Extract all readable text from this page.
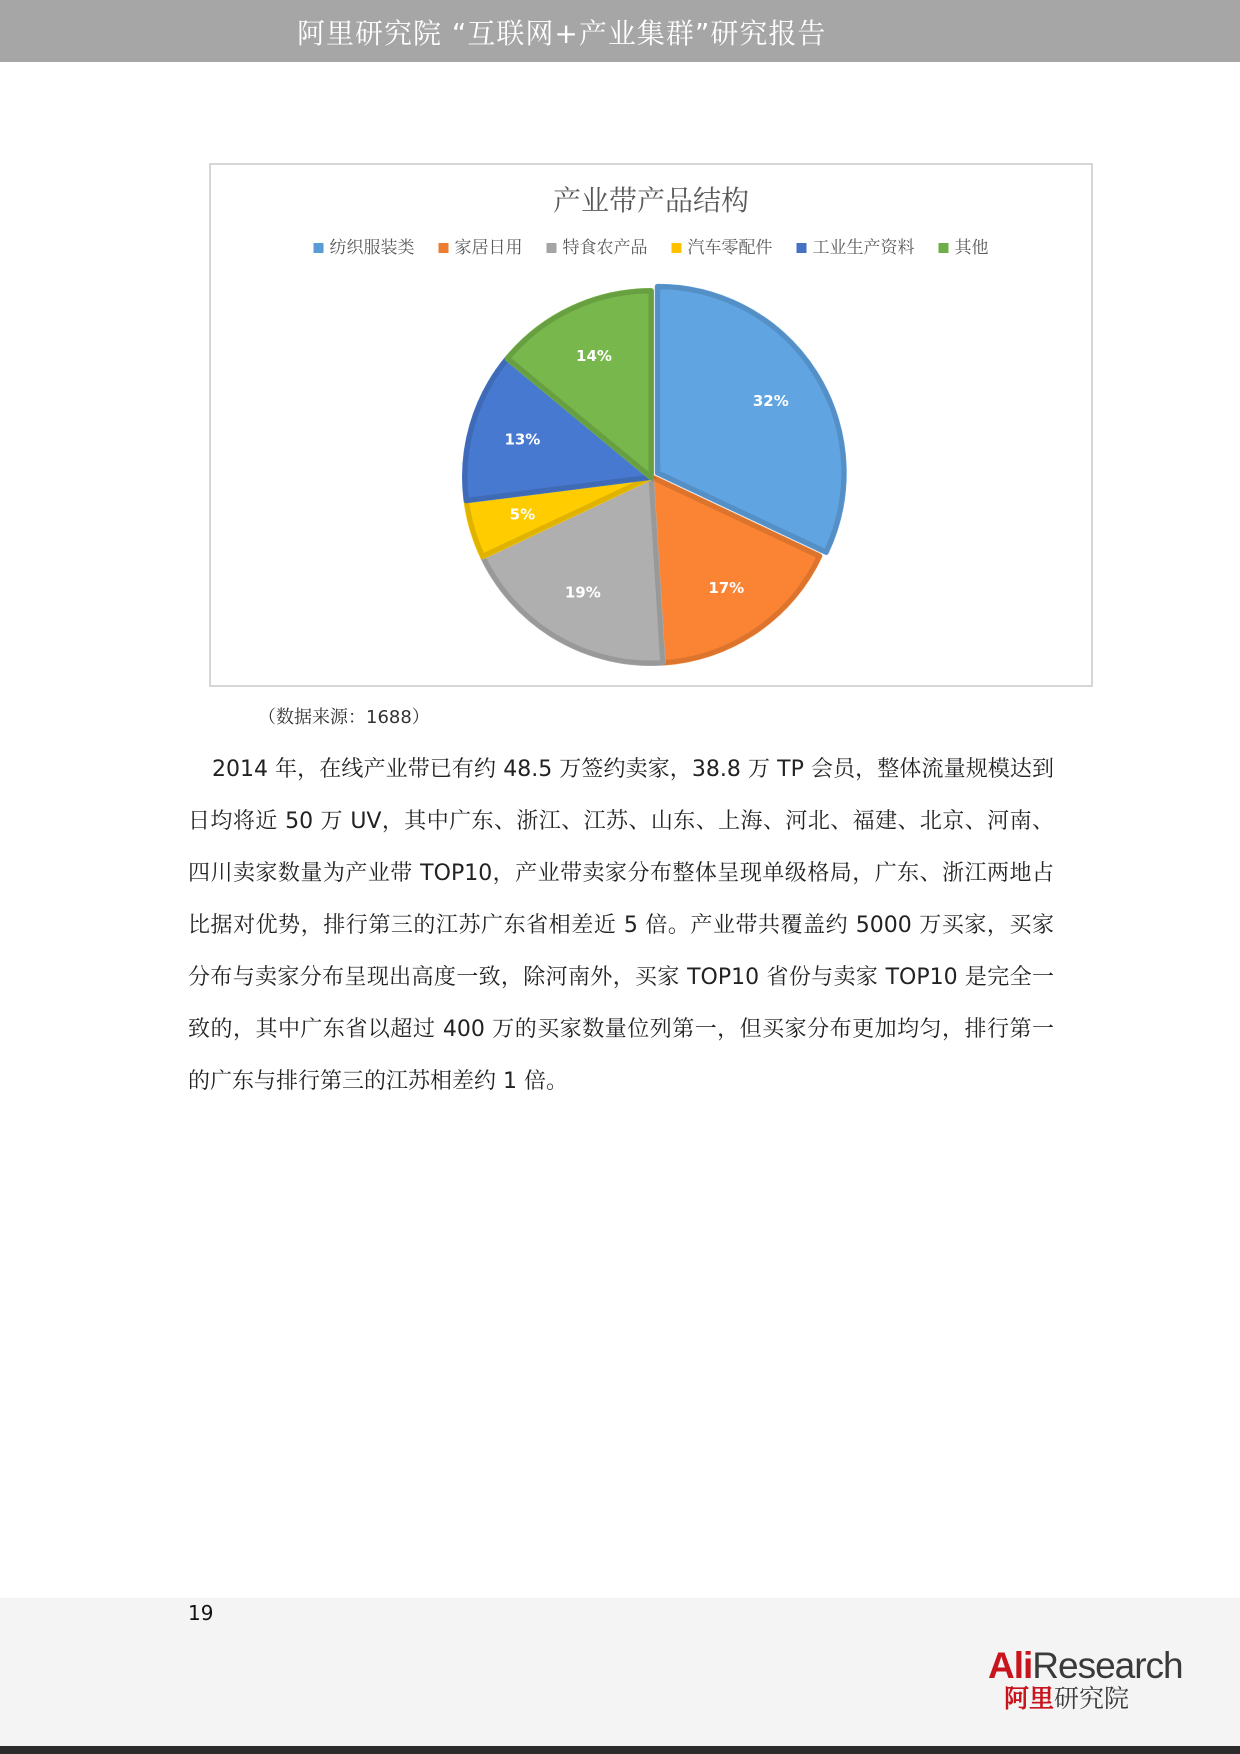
阿里研究院 “互联网+产业集群”研究报告
产业带产品结构
纺织服装类 家居日用 特食农产品 汽车零配件 工业生产资料 其他
32%
17%
19%
5%
13%
14%
（数据来源：1688）

2014 年，在线产业带已有约 48.5 万签约卖家，38.8 万 TP 会员，整体流量规模达到日均将近 50 万 UV，其中广东、浙江、江苏、山东、上海、河北、福建、北京、河南、四川卖家数量为产业带 TOP10，产业带卖家分布整体呈现单级格局，广东、浙江两地占比据对优势，排行第三的江苏广东省相差近 5 倍。产业带共覆盖约 5000 万买家，买家分布与卖家分布呈现出高度一致，除河南外，买家 TOP10 省份与卖家 TOP10 是完全一致的，其中广东省以超过 400 万的买家数量位列第一，但买家分布更加均匀，排行第一的广东与排行第三的江苏相差约 1 倍。

19
AliResearch
阿里研究院
